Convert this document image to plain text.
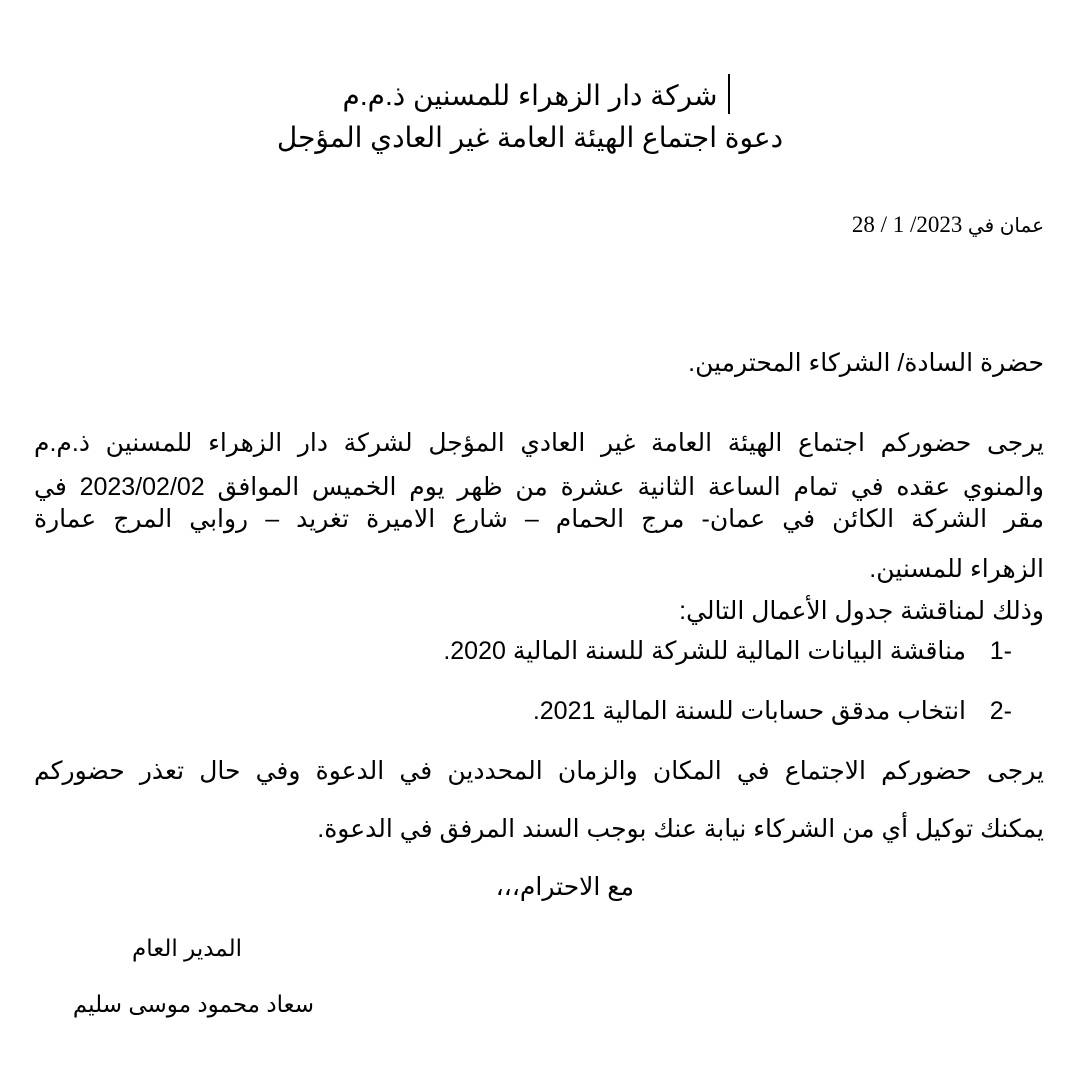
شركة دار الزهراء للمسنين ذ.م.م
دعوة اجتماع الهيئة العامة غير العادي المؤجل
عمان في 28 / 1 /2023
حضرة السادة/ الشركاء المحترمين.
يرجى حضوركم اجتماع الهيئة العامة غير العادي المؤجل لشركة دار الزهراء للمسنين ذ.م.م
والمنوي عقده في تمام الساعة الثانية عشرة من ظهر يوم الخميس الموافق 2023/02/02 في
مقر الشركة الكائن في عمان- مرج الحمام – شارع الاميرة تغريد – روابي المرج عمارة
الزهراء للمسنين.
وذلك لمناقشة جدول الأعمال التالي:
-1مناقشة البيانات المالية للشركة للسنة المالية 2020.
-2انتخاب مدقق حسابات للسنة المالية 2021.
يرجى حضوركم الاجتماع في المكان والزمان المحددين في الدعوة وفي حال تعذر حضوركم
يمكنك توكيل أي من الشركاء نيابة عنك بوجب السند المرفق في الدعوة.
مع الاحترام،،،
المدير العام
سعاد محمود موسى سليم
